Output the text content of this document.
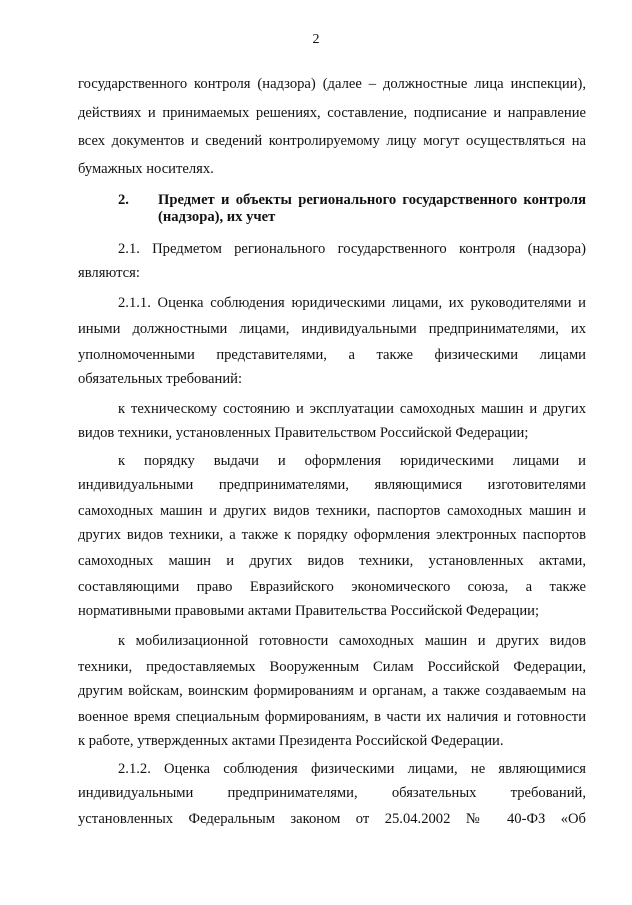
2
государственного контроля (надзора) (далее – должностные лица инспекции),
действиях и принимаемых решениях, составление, подписание и направление
всех документов и сведений контролируемому лицу могут осуществляться на
бумажных носителях.
2. Предмет и объекты регионального государственного контроля
(надзора), их учет
2.1. Предметом регионального государственного контроля (надзора)
являются:
2.1.1. Оценка соблюдения юридическими лицами, их руководителями и
иными должностными лицами, индивидуальными предпринимателями, их
уполномоченными представителями, а также физическими лицами
обязательных требований:
к техническому состоянию и эксплуатации самоходных машин и других
видов техники, установленных Правительством Российской Федерации;
к порядку выдачи и оформления юридическими лицами и
индивидуальными предпринимателями, являющимися изготовителями
самоходных машин и других видов техники, паспортов самоходных машин и
других видов техники, а также к порядку оформления электронных паспортов
самоходных машин и других видов техники, установленных актами,
составляющими право Евразийского экономического союза, а также
нормативными правовыми актами Правительства Российской Федерации;
к мобилизационной готовности самоходных машин и других видов
техники, предоставляемых Вооруженным Силам Российской Федерации,
другим войскам, воинским формированиям и органам, а также создаваемым на
военное время специальным формированиям, в части их наличия и готовности
к работе, утвержденных актами Президента Российской Федерации.
2.1.2. Оценка соблюдения физическими лицами, не являющимися
индивидуальными предпринимателями, обязательных требований,
установленных Федеральным законом от 25.04.2002 № 40-ФЗ «Об
